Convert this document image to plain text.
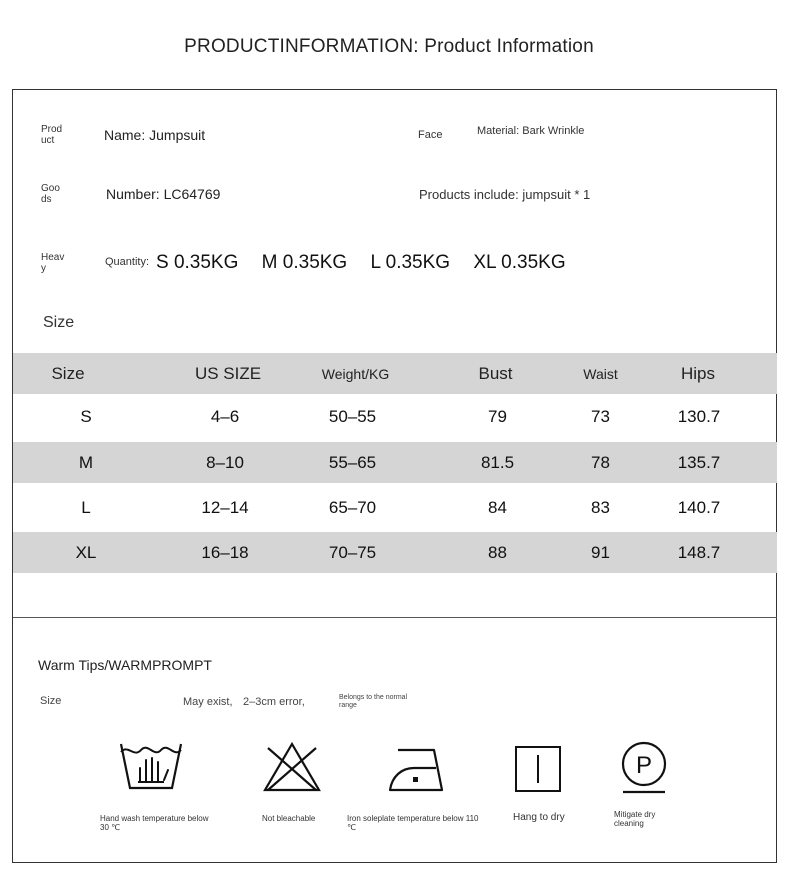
PRODUCTINFORMATION: Product Information
Prod uct	Name: Jumpsuit	Face	Material: Bark Wrinkle
Goo ds	Number: LC64769	Products include: jumpsuit * 1
Heav y
Quantity: S 0.35KG M 0.35KG L 0.35KG XL 0.35KG
Size
Size	US SIZE	Weight/KG	Bust	Waist	Hips
S	4–6	50–55	79	73	130.7
M	8–10	55–65	81.5	78	135.7
L	12–14	65–70	84	83	140.7
XL	16–18	70–75	88	91	148.7
Warm Tips/WARMPROMPT
Size	May exist, 2–3cm error,	Belongs to the normal range
Hand wash temperature below 30 ℃
Not bleachable	Iron soleplate temperature below 110 ℃
Hang to dry
P
Mitigate dry cleaning
